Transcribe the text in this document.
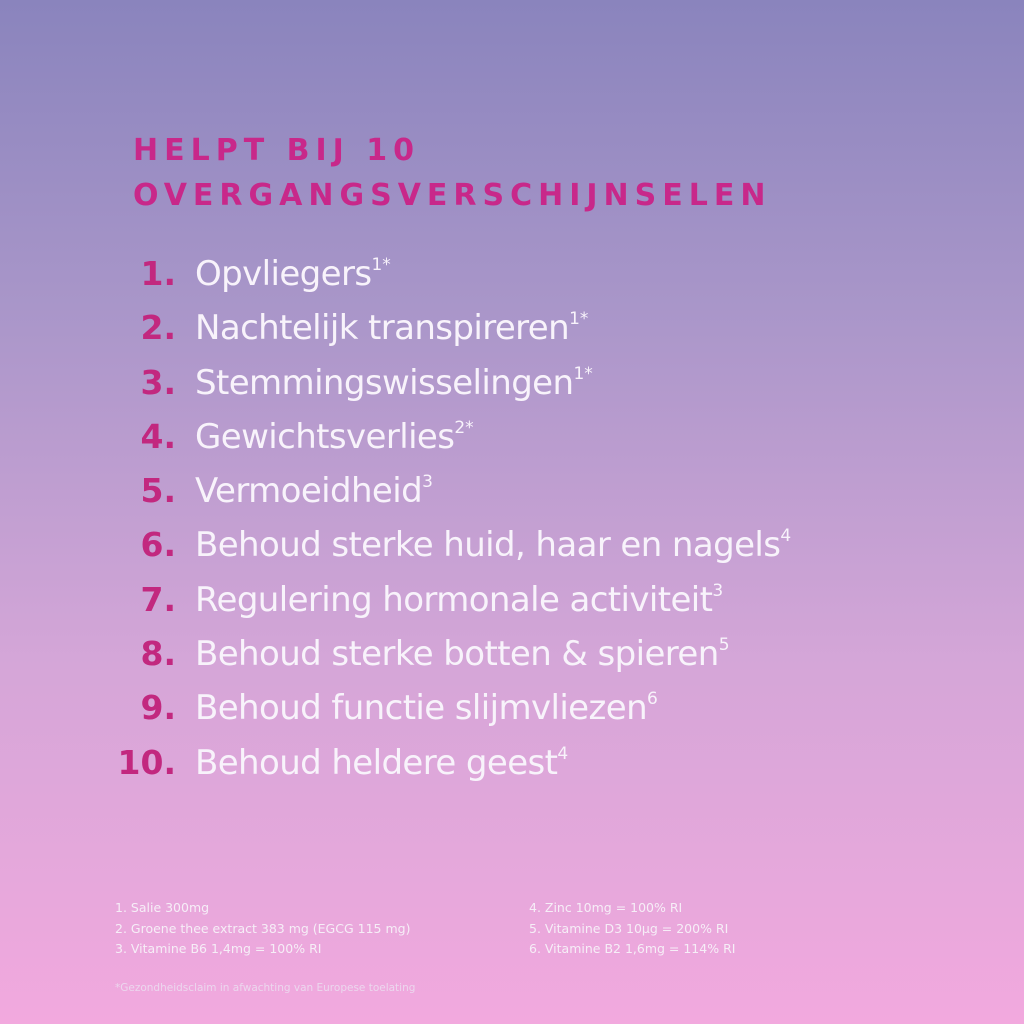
HELPT BIJ 10
OVERGANGSVERSCHIJNSELEN
1. Opvliegers$^{1*}$
2. Nachtelijk transpireren$^{1*}$
3. Stemmingswisselingen$^{1*}$
4. Gewichtsverlies$^{2*}$
5. Vermoeidheid$^3$
6. Behoud sterke huid, haar en nagels$^4$
7. Regulering hormonale activiteit$^3$
8. Behoud sterke botten & spieren$^5$
9. Behoud functie slijmvliezen$^6$
10. Behoud heldere geest$^4$
1. Salie 300mg
2. Groene thee extract 383 mg (EGCG 115 mg)
3. Vitamine B6 1,4mg = 100% RI
4. Zinc 10mg = 100% RI
5. Vitamine D3 10µg = 200% RI
6. Vitamine B2 1,6mg = 114% RI

*Gezondheidsclaim in afwachting van Europese toelating
